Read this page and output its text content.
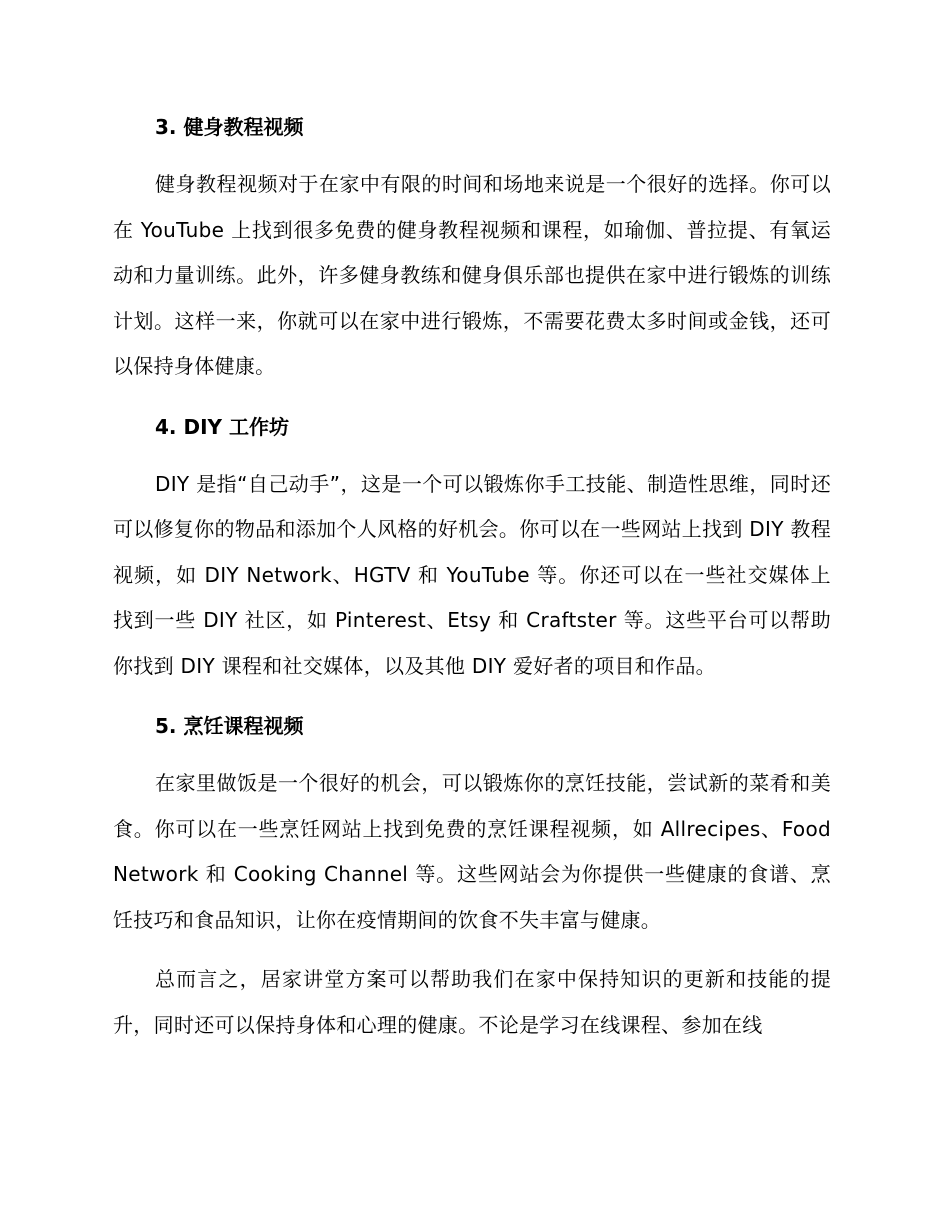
3. 健身教程视频

健身教程视频对于在家中有限的时间和场地来说是一个很好的选择。你可以在 YouTube 上找到很多免费的健身教程视频和课程，如瑜伽、普拉提、有氧运动和力量训练。此外，许多健身教练和健身俱乐部也提供在家中进行锻炼的训练计划。这样一来，你就可以在家中进行锻炼，不需要花费太多时间或金钱，还可以保持身体健康。

4. DIY 工作坊

DIY 是指“自己动手”，这是一个可以锻炼你手工技能、制造性思维，同时还可以修复你的物品和添加个人风格的好机会。你可以在一些网站上找到 DIY 教程视频，如 DIY Network、HGTV 和 YouTube 等。你还可以在一些社交媒体上找到一些 DIY 社区，如 Pinterest、Etsy 和 Craftster 等。这些平台可以帮助你找到 DIY 课程和社交媒体，以及其他 DIY 爱好者的项目和作品。

5. 烹饪课程视频

在家里做饭是一个很好的机会，可以锻炼你的烹饪技能，尝试新的菜肴和美食。你可以在一些烹饪网站上找到免费的烹饪课程视频，如 Allrecipes、Food Network 和 Cooking Channel 等。这些网站会为你提供一些健康的食谱、烹饪技巧和食品知识，让你在疫情期间的饮食不失丰富与健康。

总而言之，居家讲堂方案可以帮助我们在家中保持知识的更新和技能的提升，同时还可以保持身体和心理的健康。不论是学习在线课程、参加在线
